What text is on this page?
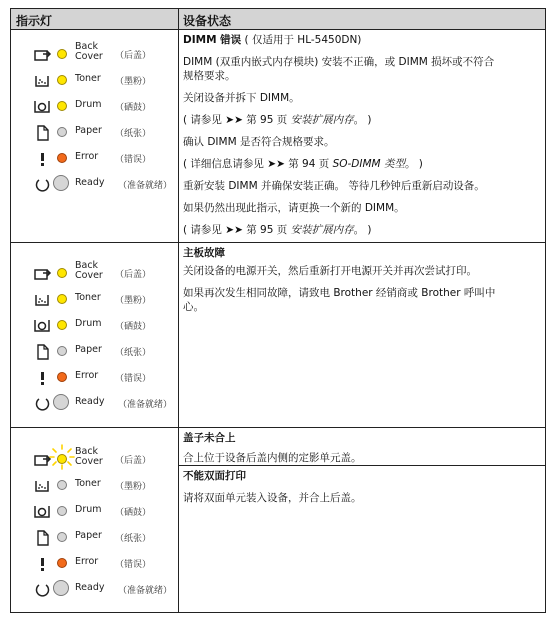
指示灯	设备状态
Back
Cover （后盖）
Toner （墨粉）
Drum （硒鼓）
Paper （纸张）
Error （错误）
Ready （准备就绪）
Back
Cover （后盖）
Toner （墨粉）
Drum （硒鼓）
Paper （纸张）
Error （错误）
Ready （准备就绪）
Back
Cover （后盖）
Toner （墨粉）
Drum （硒鼓）
Paper （纸张）
Error （错误）
Ready （准备就绪）
DIMM 错误 ( 仅适用于 HL-5450DN)
DIMM (双重内嵌式内存模块) 安装不正确，或 DIMM 损坏或不符合
规格要求。
关闭设备并拆下 DIMM。
( 请参见 ➤➤ 第 95 页 安装扩展内存。 )
确认 DIMM 是否符合规格要求。
( 详细信息请参见 ➤➤ 第 94 页 SO-DIMM 类型。 )
重新安装 DIMM 并确保安装正确。 等待几秒钟后重新启动设备。
如果仍然出现此指示，请更换一个新的 DIMM。
( 请参见 ➤➤ 第 95 页 安装扩展内存。 )
主板故障
关闭设备的电源开关，然后重新打开电源开关并再次尝试打印。
如果再次发生相同故障，请致电 Brother 经销商或 Brother 呼叫中
心。
盖子未合上
合上位于设备后盖内侧的定影单元盖。
不能双面打印
请将双面单元装入设备，并合上后盖。
